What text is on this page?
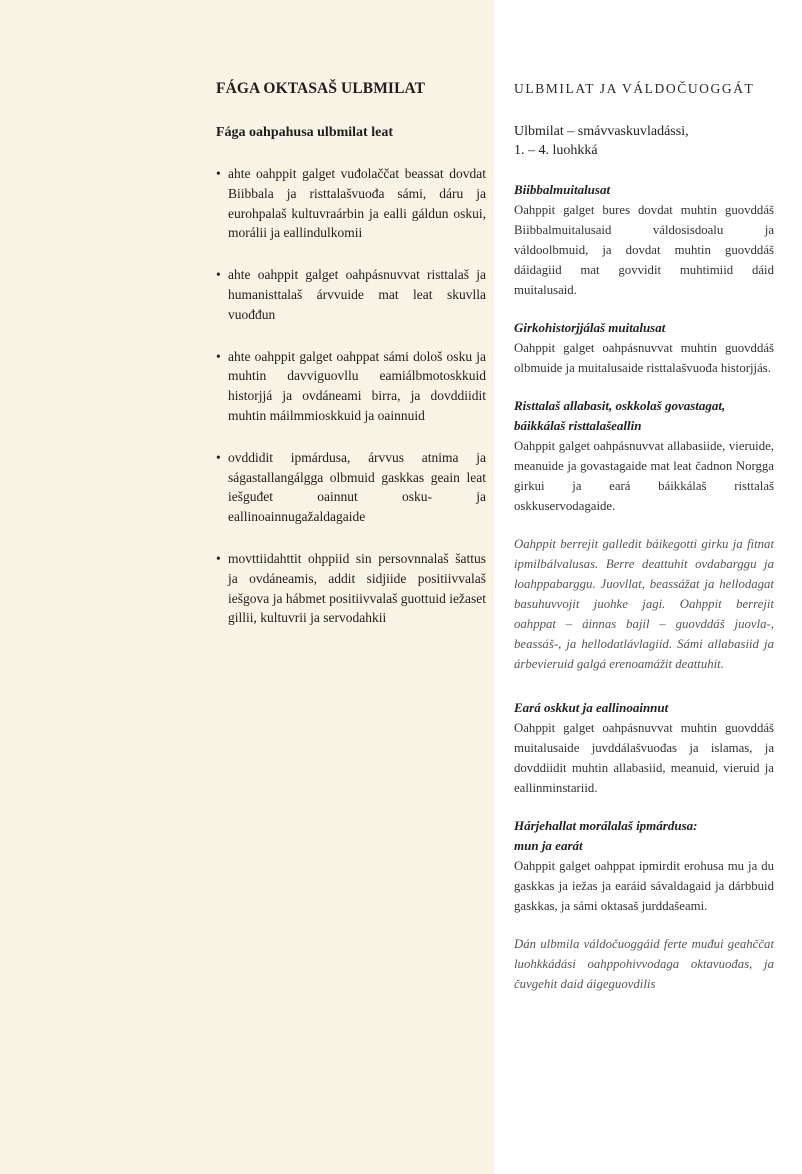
FÁGA OKTASAŠ ULBMILAT
Fága oahpahusa ulbmilat leat
• ahte oahppit galget vuđolaččat beassat dovdat Biibbala ja risttalašvuođa sámi, dáru ja eurohpalaš kultuvraárbin ja ealli gáldun oskui, morálii ja eallindulkomii
• ahte oahppit galget oahpásnuvvat risttalaš ja humanisttalaš árvvuide mat leat skuvlla vuođđun
• ahte oahppit galget oahppat sámi dološ osku ja muhtin davviguovllu eamiálbmotoskkuid historjjá ja ovdáneami birra, ja dovddiidit muhtin máilmmioskkuid ja oainnuid
• ovddidit ipmárdusa, árvvus atnima ja ságastallangálgga olbmuid gaskkas geain leat iešguđet oainnut osku- ja eallinoainnugažaldagaide
• movttiidahttit ohppiid sin persovnnalaš šattus ja ovdáneamis, addit sidjiide positiivvalaš iešgova ja hábmet positiivvalaš guottuid iežaset gillii, kultuvrii ja servodahkii
ULBMILAT JA VÁLDOČUOGGÁT
Ulbmilat – smávvaskuvladássi,
1. – 4. luohkká
Biibbalmuitalusat
Oahppit galget bures dovdat muhtin guovddáš Biibbalmuitalusaid váldosisdoalu ja váldoolbmuid, ja dovdat muhtin guovddáš dáidagiid mat govvidit muhtimiid dáid muitalusaid.
Girkohistorjjálaš muitalusat
Oahppit galget oahpásnuvvat muhtin guovddáš olbmuide ja muitalusaide risttalašvuođa historjjás.
Risttalaš allabasit, oskkolaš govastagat, báikkálaš risttalašeallin
Oahppit galget oahpásnuvvat allabasiide, vieruide, meanuide ja govastagaide mat leat čadnon Norgga girkui ja eará báikkálaš risttalaš oskkuservodagaide.
Oahppit berrejit galledit báikegotti girku ja fitnat ipmilbálvalusas. Berre deattuhit ovdabarggu ja loahppabarggu. Juovllat, beassážat ja hellodagat basuhuvvojit juohke jagi. Oahppit berrejit oahppat – áinnas bajil – guovddáš juovla-, beassáš-, ja hellodatlávlagiid. Sámi allabasiid ja árbevieruid galgá erenoamážit deattuhit.
Eará oskkut ja eallinoainnut
Oahppit galget oahpásnuvvat muhtin guovddáš muitalusaide juvddálašvuođas ja islamas, ja dovddiidit muhtin allabasiid, meanuid, vieruid ja eallinminstariid.
Hárjehallat morálalaš ipmárdusa:
mun ja earát
Oahppit galget oahppat ipmirdit erohusa mu ja du gaskkas ja iežas ja earáid sávaldagaid ja dárbbuid gaskkas, ja sámi oktasaš jurddašeami.
Dán ulbmila váldočuoggáid ferte muđui geahččat luohkkádási oahppohivvodaga oktavuođas, ja čuvgehit daid áigeguovdilis
